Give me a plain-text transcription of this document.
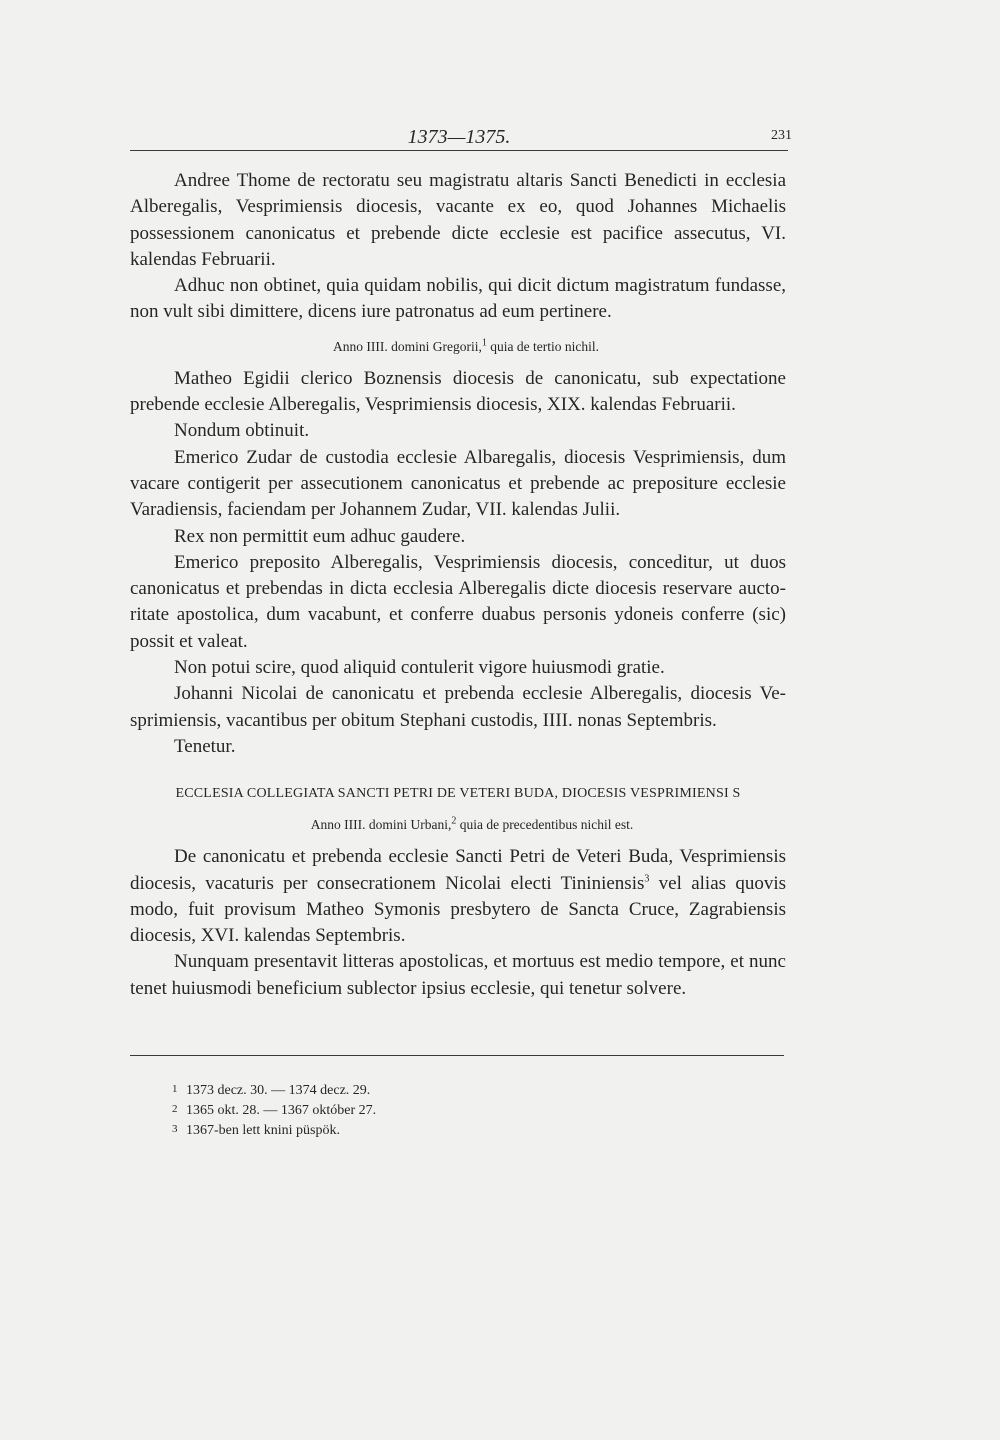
1373—1375.	231

Andree Thome de rectoratu seu magistratu altaris Sancti Benedicti in ecclesia Alberegalis, Vesprimiensis diocesis, vacante ex eo, quod Johannes Michaelis possessionem canonicatus et prebende dicte ecclesie est pacifice assecutus, VI. kalendas Februarii.

Adhuc non obtinet, quia quidam nobilis, qui dicit dictum magistratum fundasse, non vult sibi dimittere, dicens iure patronatus ad eum pertinere.

Anno IIII. domini Gregorii,$^1$ quia de tertio nichil.

Matheo Egidii clerico Boznensis diocesis de canonicatu, sub expectatione prebende ecclesie Alberegalis, Vesprimiensis diocesis, XIX. kalendas Februarii.

Nondum obtinuit.

Emerico Zudar de custodia ecclesie Albaregalis, diocesis Vesprimiensis, dum vacare contigerit per assecutionem canonicatus et prebende ac prepositure ecclesie Varadiensis, faciendam per Johannem Zudar, VII. kalendas Julii.

Rex non permittit eum adhuc gaudere.

Emerico preposito Alberegalis, Vesprimiensis diocesis, conceditur, ut duos canonicatus et prebendas in dicta ecclesia Alberegalis dicte diocesis reservare auctoritate apostolica, dum vacabunt, et conferre duabus personis ydoneis conferre (sic) possit et valeat.

Non potui scire, quod aliquid contulerit vigore huiusmodi gratie.

Johanni Nicolai de canonicatu et prebenda ecclesie Alberegalis, diocesis Vesprimiensis, vacantibus per obitum Stephani custodis, IIII. nonas Septembris.

Tenetur.

ECCLESIA COLLEGIATA SANCTI PETRI DE VETERI BUDA, DIOCESIS VESPRIMIENSI S
Anno IIII. domini Urbani,$^2$ quia de precedentibus nichil est.

De canonicatu et prebenda ecclesie Sancti Petri de Veteri Buda, Vesprimiensis diocesis, vacaturis per consecrationem Nicolai electi Tininiensis$^3$ vel alias quovis modo, fuit provisum Matheo Symonis presbytero de Sancta Cruce, Zagrabiensis diocesis, XVI. kalendas Septembris.

Nunquam presentavit litteras apostolicas, et mortuus est medio tempore, et nunc tenet huiusmodi beneficium sublector ipsius ecclesie, qui tenetur solvere.

1 1373 decz. 30. — 1374 decz. 29.
2 1365 okt. 28. — 1367 október 27.
3 1367-ben lett knini püspök.
